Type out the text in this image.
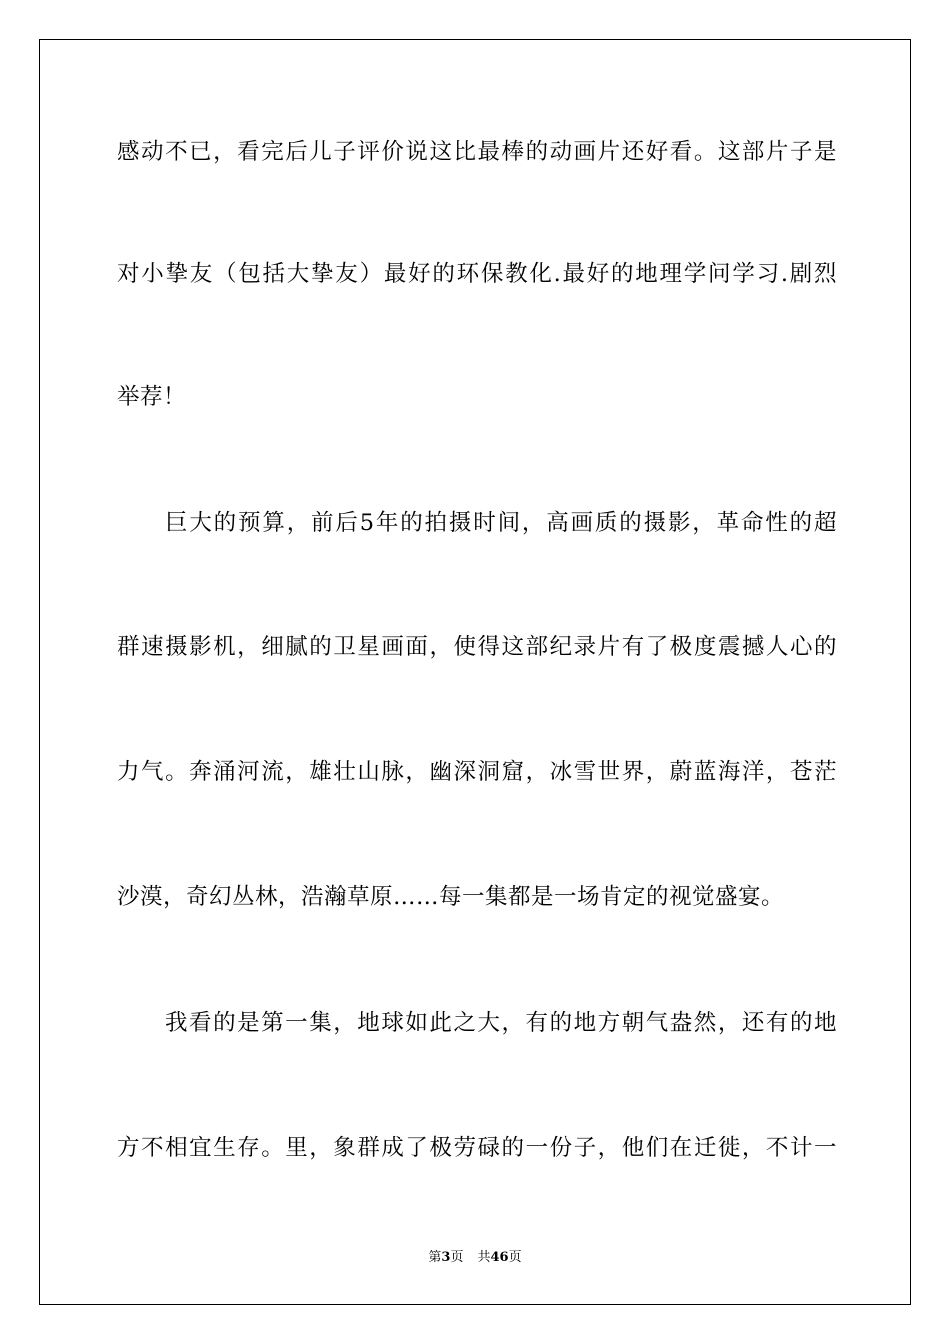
感动不已，看完后儿子评价说这比最棒的动画片还好看。这部片子是
对小挚友（包括大挚友）最好的环保教化.最好的地理学问学习.剧烈
举荐！
巨大的预算，前后5年的拍摄时间，高画质的摄影，革命性的超
群速摄影机，细腻的卫星画面，使得这部纪录片有了极度震撼人心的
力气。奔涌河流，雄壮山脉，幽深洞窟，冰雪世界，蔚蓝海洋，苍茫
沙漠，奇幻丛林，浩瀚草原……每一集都是一场肯定的视觉盛宴。
我看的是第一集，地球如此之大，有的地方朝气盎然，还有的地
方不相宜生存。里，象群成了极劳碌的一份子，他们在迁徙，不计一
第3页 共46页
